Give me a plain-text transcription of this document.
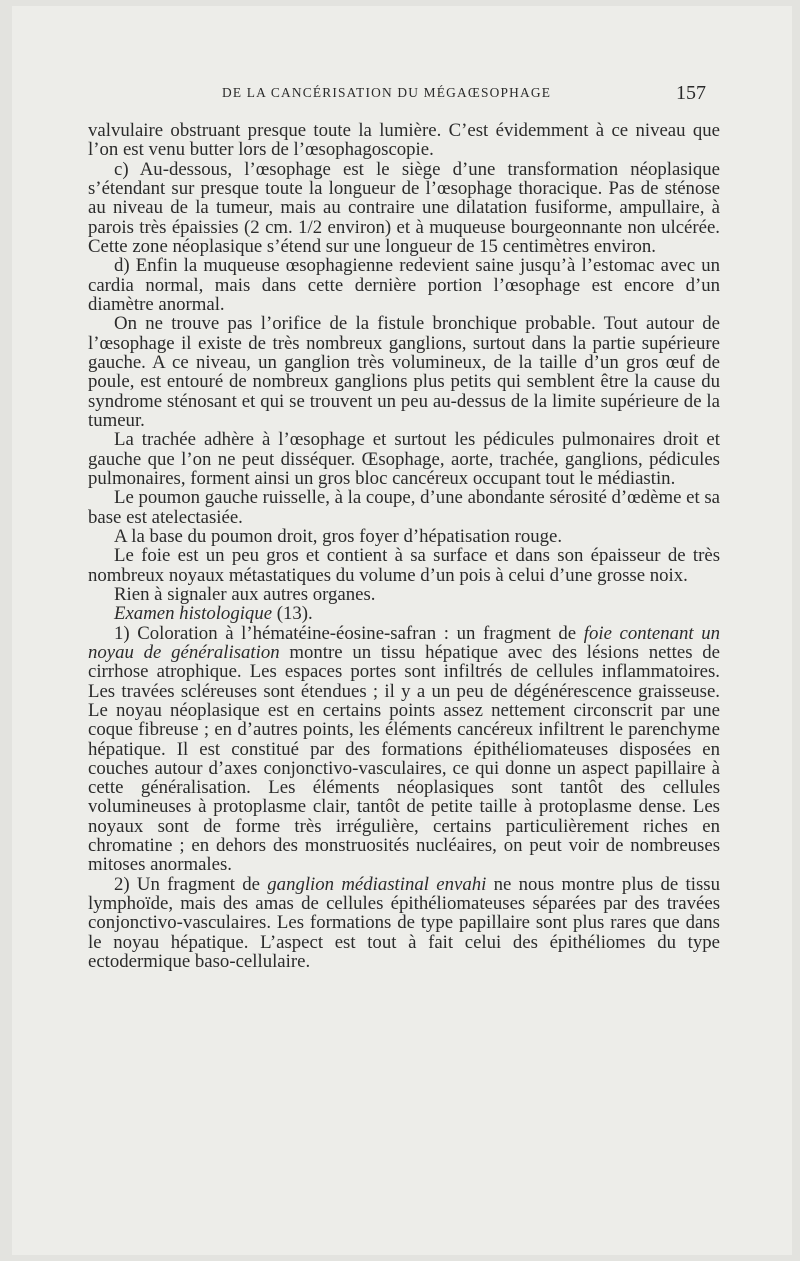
DE LA CANCÉRISATION DU MÉGAŒSOPHAGE	157

valvulaire obstruant presque toute la lumière. C’est évidemment à ce niveau que l’on est venu butter lors de l’œsophagoscopie.

c) Au-dessous, l’œsophage est le siège d’une transformation néoplasique s’étendant sur presque toute la longueur de l’œsophage thoracique. Pas de sténose au niveau de la tumeur, mais au contraire une dilatation fusiforme, ampullaire, à parois très épaissies (2 cm. 1/2 environ) et à muqueuse bourgeonnante non ulcérée. Cette zone néoplasique s’étend sur une longueur de 15 centimètres environ.

d) Enfin la muqueuse œsophagienne redevient saine jusqu’à l’estomac avec un cardia normal, mais dans cette dernière portion l’œsophage est encore d’un diamètre anormal.

On ne trouve pas l’orifice de la fistule bronchique probable. Tout autour de l’œsophage il existe de très nombreux ganglions, surtout dans la partie supérieure gauche. A ce niveau, un ganglion très volumineux, de la taille d’un gros œuf de poule, est entouré de nombreux ganglions plus petits qui semblent être la cause du syndrome sténosant et qui se trouvent un peu au-dessus de la limite supérieure de la tumeur.

La trachée adhère à l’œsophage et surtout les pédicules pulmonaires droit et gauche que l’on ne peut disséquer. Œsophage, aorte, trachée, ganglions, pédicules pulmonaires, forment ainsi un gros bloc cancéreux occupant tout le médiastin.

Le poumon gauche ruisselle, à la coupe, d’une abondante sérosité d’œdème et sa base est atelectasiée.

A la base du poumon droit, gros foyer d’hépatisation rouge.

Le foie est un peu gros et contient à sa surface et dans son épaisseur de très nombreux noyaux métastatiques du volume d’un pois à celui d’une grosse noix.

Rien à signaler aux autres organes.

Examen histologique (13).

1) Coloration à l’hématéine-éosine-safran : un fragment de foie contenant un noyau de généralisation montre un tissu hépatique avec des lésions nettes de cirrhose atrophique. Les espaces portes sont infiltrés de cellules inflammatoires. Les travées scléreuses sont étendues ; il y a un peu de dégénérescence graisseuse. Le noyau néoplasique est en certains points assez nettement circonscrit par une coque fibreuse ; en d’autres points, les éléments cancéreux infiltrent le parenchyme hépatique. Il est constitué par des formations épithéliomateuses disposées en couches autour d’axes conjonctivo-vasculaires, ce qui donne un aspect papillaire à cette généralisation. Les éléments néoplasiques sont tantôt des cellules volumineuses à protoplasme clair, tantôt de petite taille à protoplasme dense. Les noyaux sont de forme très irrégulière, certains particulièrement riches en chromatine ; en dehors des monstruosités nucléaires, on peut voir de nombreuses mitoses anormales.

2) Un fragment de ganglion médiastinal envahi ne nous montre plus de tissu lymphoïde, mais des amas de cellules épithéliomateuses séparées par des travées conjonctivo-vasculaires. Les formations de type papillaire sont plus rares que dans le noyau hépatique. L’aspect est tout à fait celui des épithéliomes du type ectodermique baso-cellulaire.
